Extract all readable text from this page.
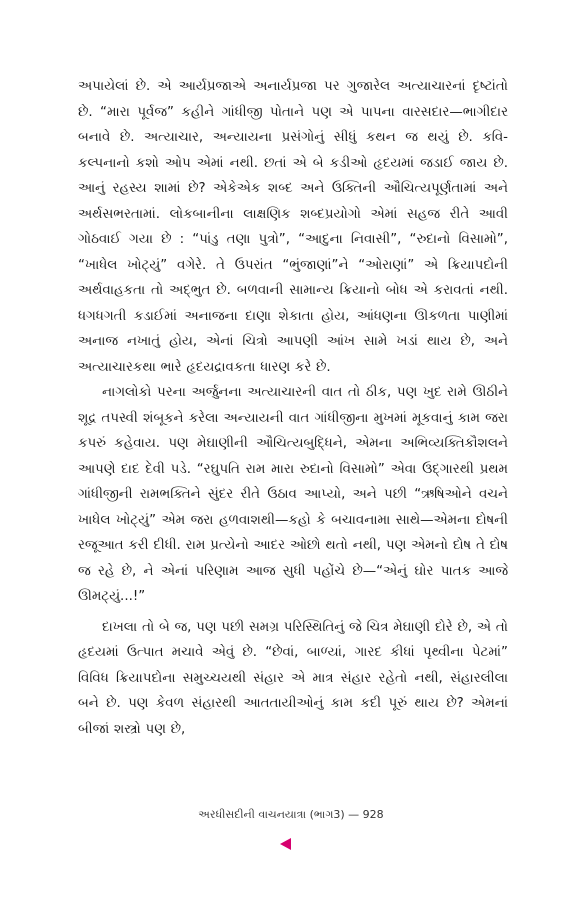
અપાયેલાં છે. એ આર્યપ્રજાએ અનાર્યપ્રજા પર ગુજારેલ અત્યાચારનાં દૃષ્ટાંતો છે. “મારા પૂર્વજ” કહીને ગાંધીજી પોતાને પણ એ પાપના વારસદાર—ભાગીદાર બનાવે છે. અત્યાચાર, અન્યાયના પ્રસંગોનું સીધું કથન જ થયું છે. કવિ-કલ્પનાનો કશો ઓપ એમાં નથી. છતાં એ બે કડીઓ હૃદયમાં જડાઈ જાય છે. આનું રહસ્ય શામાં છે? એકેએક શબ્દ અને ઉક્તિની ઔચિત્યપૂર્ણતામાં અને અર્થસભરતામાં. લોકબાનીના લાક્ષણિક શબ્દપ્રયોગો એમાં સહજ રીતે આવી ગોઠવાઈ ગયા છે : “પાંડુ તણા પુત્રો”, “આદુના નિવાસી”, “રુદાનો વિસામો”, “ખાધેલ ખોટ્યું” વગેરે. તે ઉપરાંત “ભુંજાણાં”ને “ઓરાણાં” એ ક્રિયાપદોની અર્થવાહકતા તો અદ્ભુત છે. બળવાની સામાન્ય ક્રિયાનો બોધ એ કરાવતાં નથી. ધગધગતી કડાઈમાં અનાજના દાણા શેકાતા હોય, આંધણના ઊકળતા પાણીમાં અનાજ નખાતું હોય, એનાં ચિત્રો આપણી આંખ સામે ખડાં થાય છે, અને અત્યાચારકથા ભારે હૃદયદ્રાવકતા ધારણ કરે છે.

નાગલોકો પરના અર્જુનના અત્યાચારની વાત તો ઠીક, પણ ખુદ રામે ઊઠીને શૂદ્ર તપસ્વી શંબૂકને કરેલા અન્યાયની વાત ગાંધીજીના મુખમાં મૂકવાનું કામ જરા કપરું કહેવાય. પણ મેઘાણીની ઔચિત્યબુદ્ધિને, એમના અભિવ્યક્તિકૌશલને આપણે દાદ દેવી પડે. “રઘુપતિ રામ મારા રુદાનો વિસામો” એવા ઉદ્ગારથી પ્રથમ ગાંધીજીની રામભક્તિને સુંદર રીતે ઉઠાવ આપ્યો, અને પછી “ઋષિઓને વચને ખાધેલ ખોટ્યું” એમ જરા હળવાશથી—કહો કે બચાવનામા સાથે—એમના દોષની રજૂઆત કરી દીધી. રામ પ્રત્યેનો આદર ઓછો થતો નથી, પણ એમનો દોષ તે દોષ જ રહે છે, ને એનાં પરિણામ આજ સુધી પહોંચે છે—“એનું ઘોર પાતક આજે ઊમટ્યું...!”

દાખલા તો બે જ, પણ પછી સમગ્ર પરિસ્થિતિનું જે ચિત્ર મેઘાણી દોરે છે, એ તો હૃદયમાં ઉત્પાત મચાવે એવું છે. “છેવાં, બાળ્યાં, ગારદ કીધાં પૃથ્વીના પેટમાં” વિવિધ ક્રિયાપદોના સમુચ્ચયથી સંહાર એ માત્ર સંહાર રહેતો નથી, સંહારલીલા બને છે. પણ કેવળ સંહારથી આતતાયીઓનું કામ કદી પૂરું થાય છે? એમનાં બીજાં શસ્ત્રો પણ છે,

અરધીસદીની વાચનયાત્રા (ભાગ3) — 928
